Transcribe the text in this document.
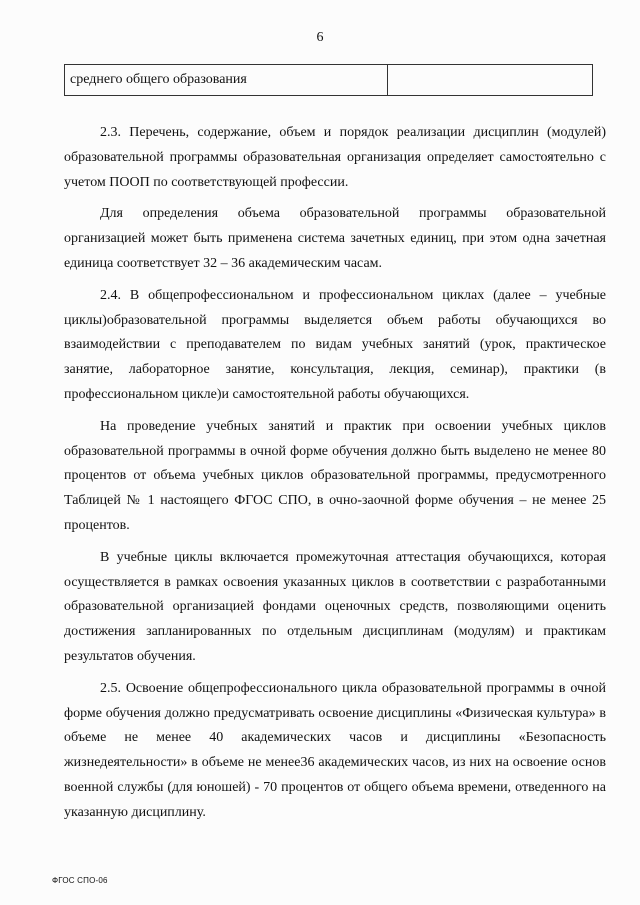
6
среднего общего образования

2.3. Перечень, содержание, объем и порядок реализации дисциплин (модулей) образовательной программы образовательная организация определяет самостоятельно с учетом ПООП по соответствующей профессии.

Для определения объема образовательной программы образовательной организацией может быть применена система зачетных единиц, при этом одна зачетная единица соответствует 32 – 36 академическим часам.

2.4. В общепрофессиональном и профессиональном циклах (далее – учебные циклы)образовательной программы выделяется объем работы обучающихся во взаимодействии с преподавателем по видам учебных занятий (урок, практическое занятие, лабораторное занятие, консультация, лекция, семинар), практики (в профессиональном цикле)и самостоятельной работы обучающихся.

На проведение учебных занятий и практик при освоении учебных циклов образовательной программы в очной форме обучения должно быть выделено не менее 80 процентов от объема учебных циклов образовательной программы, предусмотренного Таблицей № 1 настоящего ФГОС СПО, в очно-заочной форме обучения – не менее 25 процентов.

В учебные циклы включается промежуточная аттестация обучающихся, которая осуществляется в рамках освоения указанных циклов в соответствии с разработанными образовательной организацией фондами оценочных средств, позволяющими оценить достижения запланированных по отдельным дисциплинам (модулям) и практикам результатов обучения.

2.5. Освоение общепрофессионального цикла образовательной программы в очной форме обучения должно предусматривать освоение дисциплины «Физическая культура» в объеме не менее 40 академических часов и дисциплины «Безопасность жизнедеятельности» в объеме не менее36 академических часов, из них на освоение основ военной службы (для юношей) - 70 процентов от общего объема времени, отведенного на указанную дисциплину.

ФГОС СПО-06
